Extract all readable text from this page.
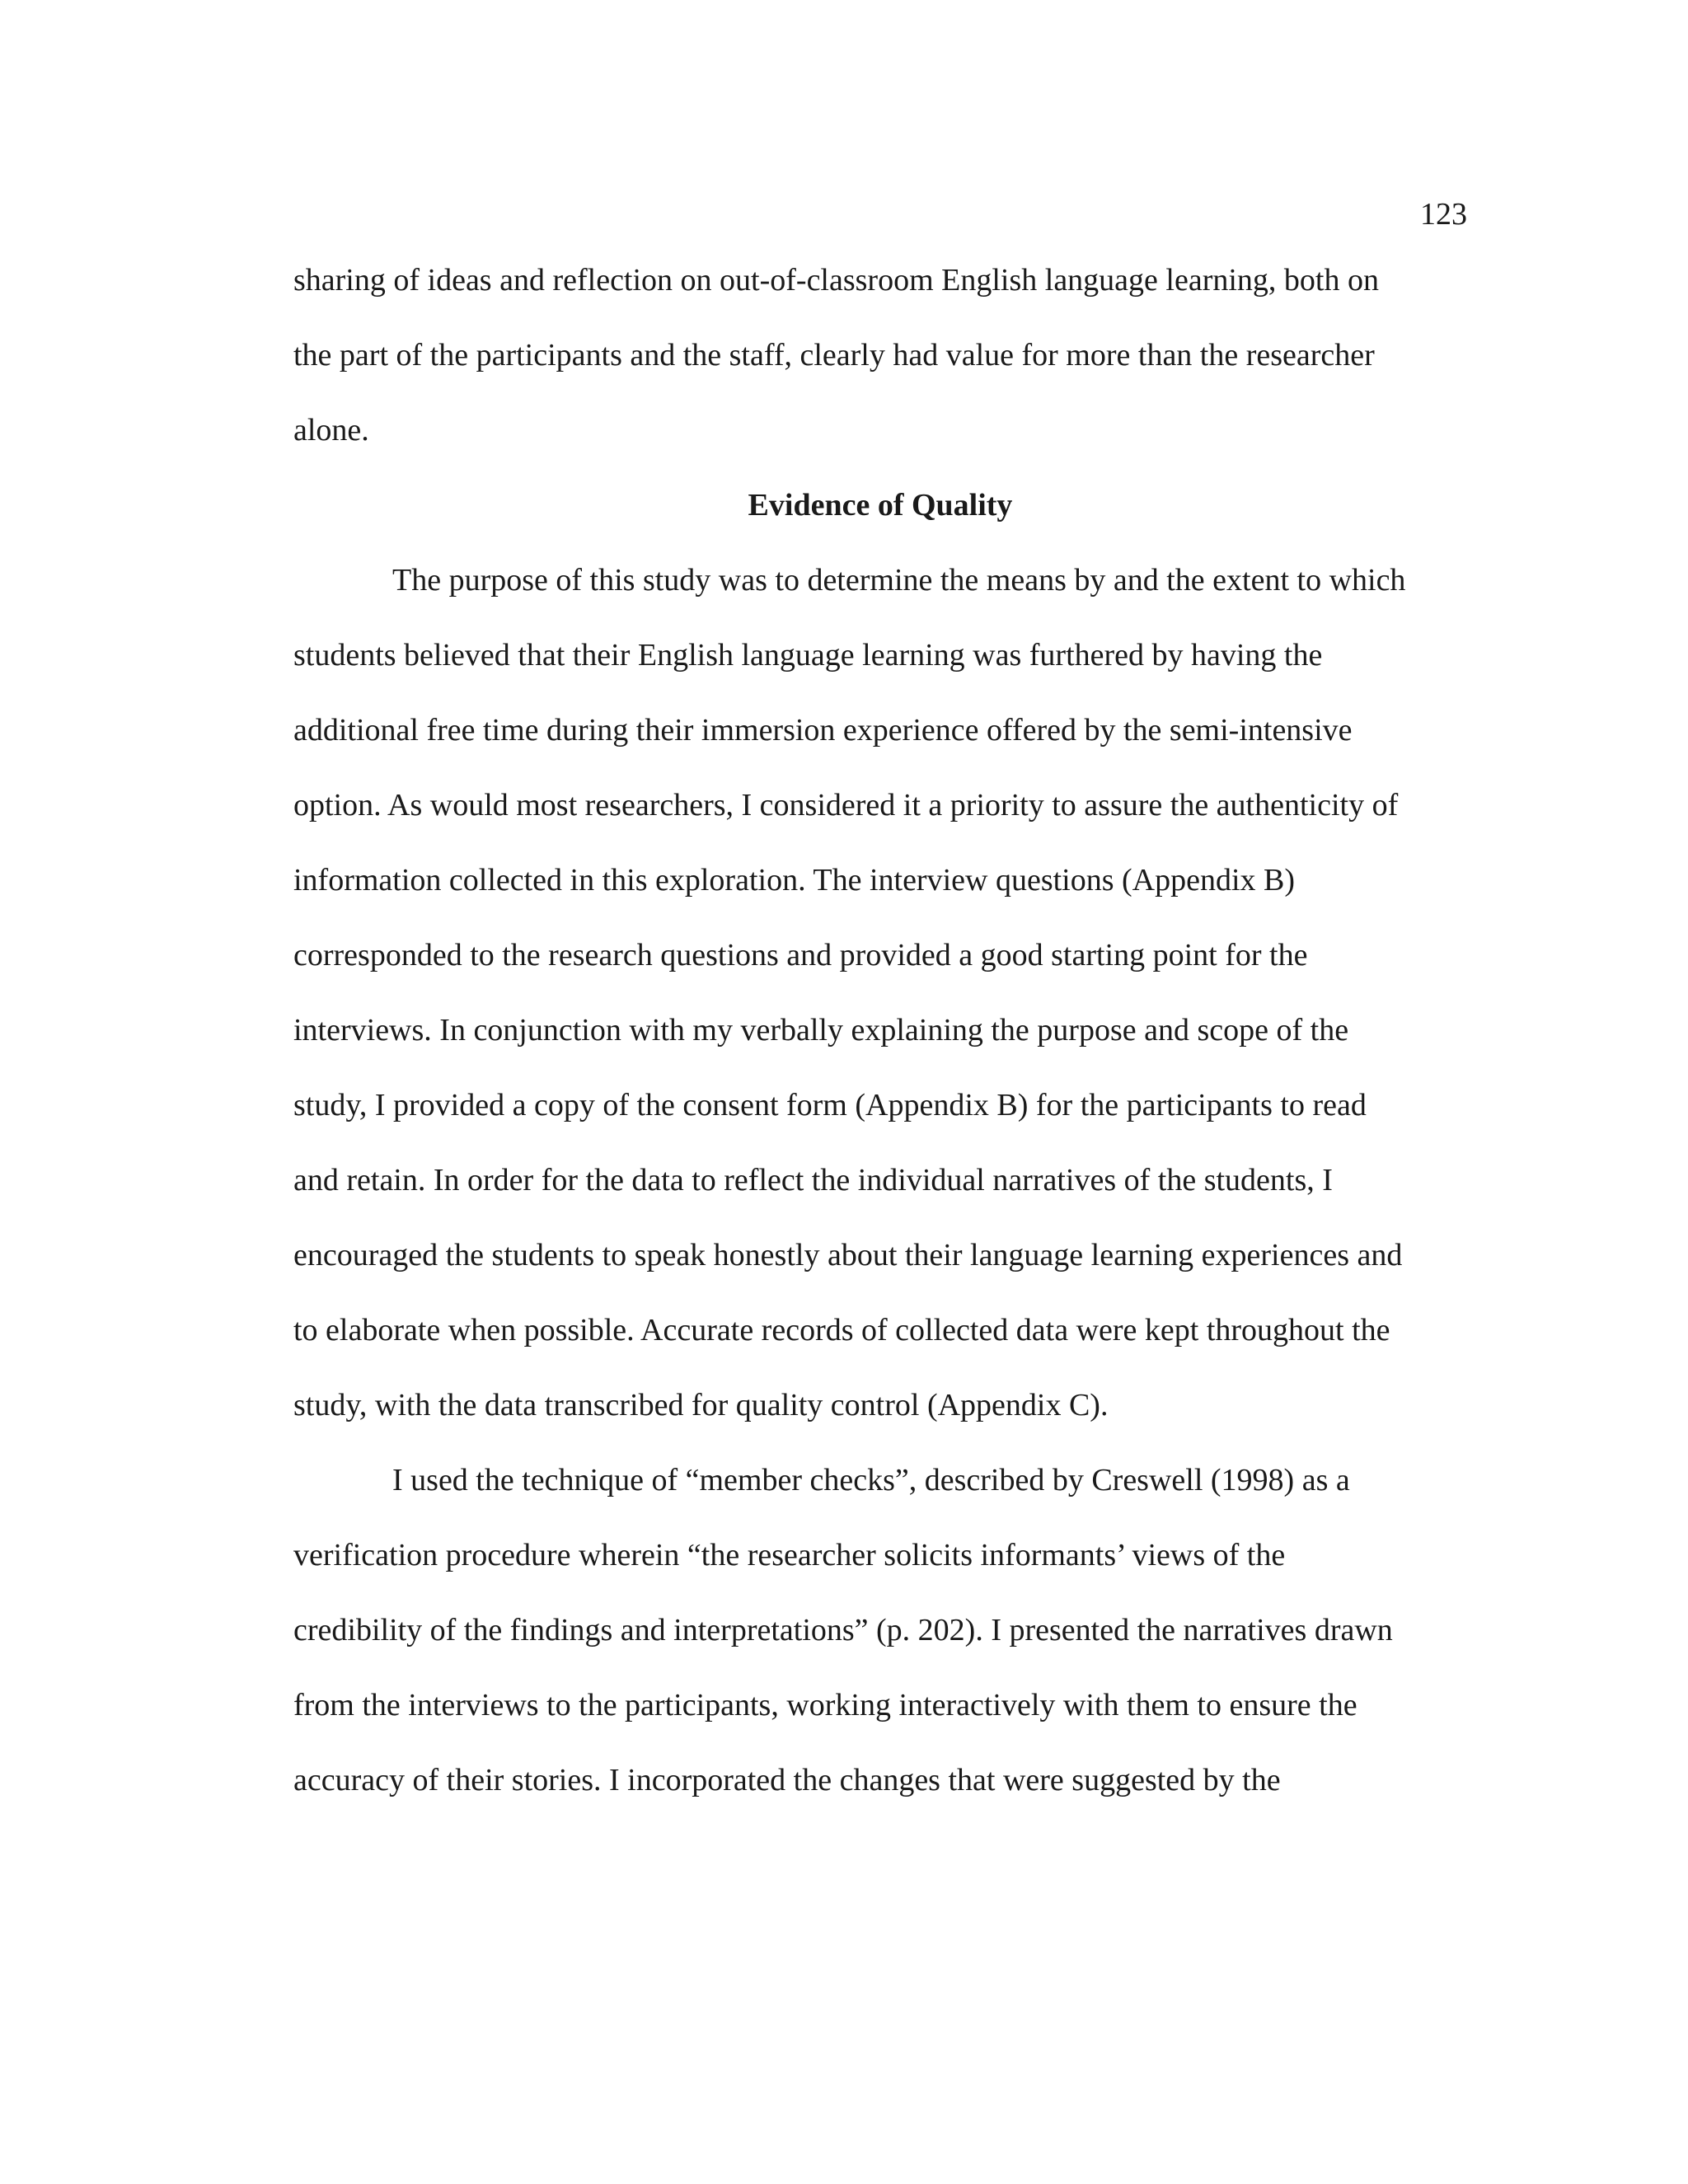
123
sharing of ideas and reflection on out-of-classroom English language learning, both on
the part of the participants and the staff, clearly had value for more than the researcher
alone.
Evidence of Quality
The purpose of this study was to determine the means by and the extent to which
students believed that their English language learning was furthered by having the
additional free time during their immersion experience offered by the semi-intensive
option. As would most researchers, I considered it a priority to assure the authenticity of
information collected in this exploration. The interview questions (Appendix B)
corresponded to the research questions and provided a good starting point for the
interviews. In conjunction with my verbally explaining the purpose and scope of the
study, I provided a copy of the consent form (Appendix B) for the participants to read
and retain. In order for the data to reflect the individual narratives of the students, I
encouraged the students to speak honestly about their language learning experiences and
to elaborate when possible. Accurate records of collected data were kept throughout the
study, with the data transcribed for quality control (Appendix C).
I used the technique of “member checks”, described by Creswell (1998) as a
verification procedure wherein “the researcher solicits informants’ views of the
credibility of the findings and interpretations” (p. 202). I presented the narratives drawn
from the interviews to the participants, working interactively with them to ensure the
accuracy of their stories. I incorporated the changes that were suggested by the
